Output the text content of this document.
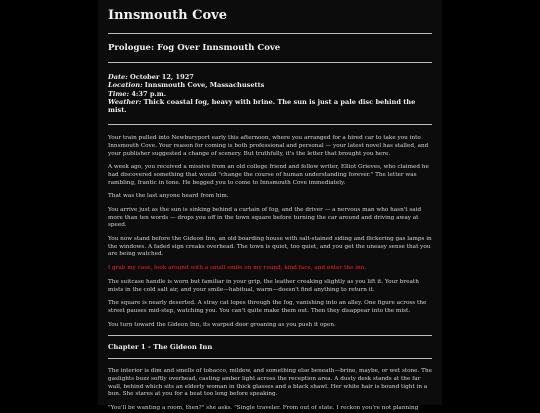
Innsmouth Cove
Prologue: Fog Over Innsmouth Cove
Date: October 12, 1927
Location: Innsmouth Cove, Massachusetts
Time: 4:37 p.m.
Weather: Thick coastal fog, heavy with brine. The sun is just a pale disc behind the mist.

Your train pulled into Newburyport early this afternoon, where you arranged for a hired car to take you into Innsmouth Cove. Your reason for coming is both professional and personal — your latest novel has stalled, and your publisher suggested a change of scenery. But truthfully, it's the letter that brought you here.

A week ago, you received a missive from an old college friend and fellow writer, Elliot Grieves, who claimed he had discovered something that would "change the course of human understanding forever." The letter was rambling, frantic in tone. He begged you to come to Innsmouth Cove immediately.

That was the last anyone heard from him.

You arrive just as the sun is sinking behind a curtain of fog, and the driver — a nervous man who hasn't said more than ten words — drops you off in the town square before turning the car around and driving away at speed.

You now stand before the Gideon Inn, an old boarding house with salt-stained siding and flickering gas lamps in the windows. A faded sign creaks overhead. The town is quiet, too quiet, and you get the uneasy sense that you are being watched.

I grab my case, look around with a small smile on my round, kind face, and enter the inn.

The suitcase handle is worn but familiar in your grip, the leather creaking slightly as you lift it. Your breath mists in the cold salt air, and your smile—habitual, warm—doesn't find anything to return it.

The square is nearly deserted. A stray cat lopes through the fog, vanishing into an alley. One figure across the street pauses mid-step, watching you. You can't quite make them out. Then they disappear into the mist.

You turn toward the Gideon Inn, its warped door groaning as you push it open.

Chapter 1 - The Gideon Inn

The interior is dim and smells of tobacco, mildew, and something else beneath—brine, maybe, or wet stone. The gaslights buzz softly overhead, casting amber light across the reception area. A dusty desk stands at the far wall, behind which sits an elderly woman in thick glasses and a black shawl. Her white hair is bound tight in a bun. She stares at you for a beat too long before speaking.

"You'll be wanting a room, then?" she asks. "Single traveler. From out of state. I reckon you're not planning
